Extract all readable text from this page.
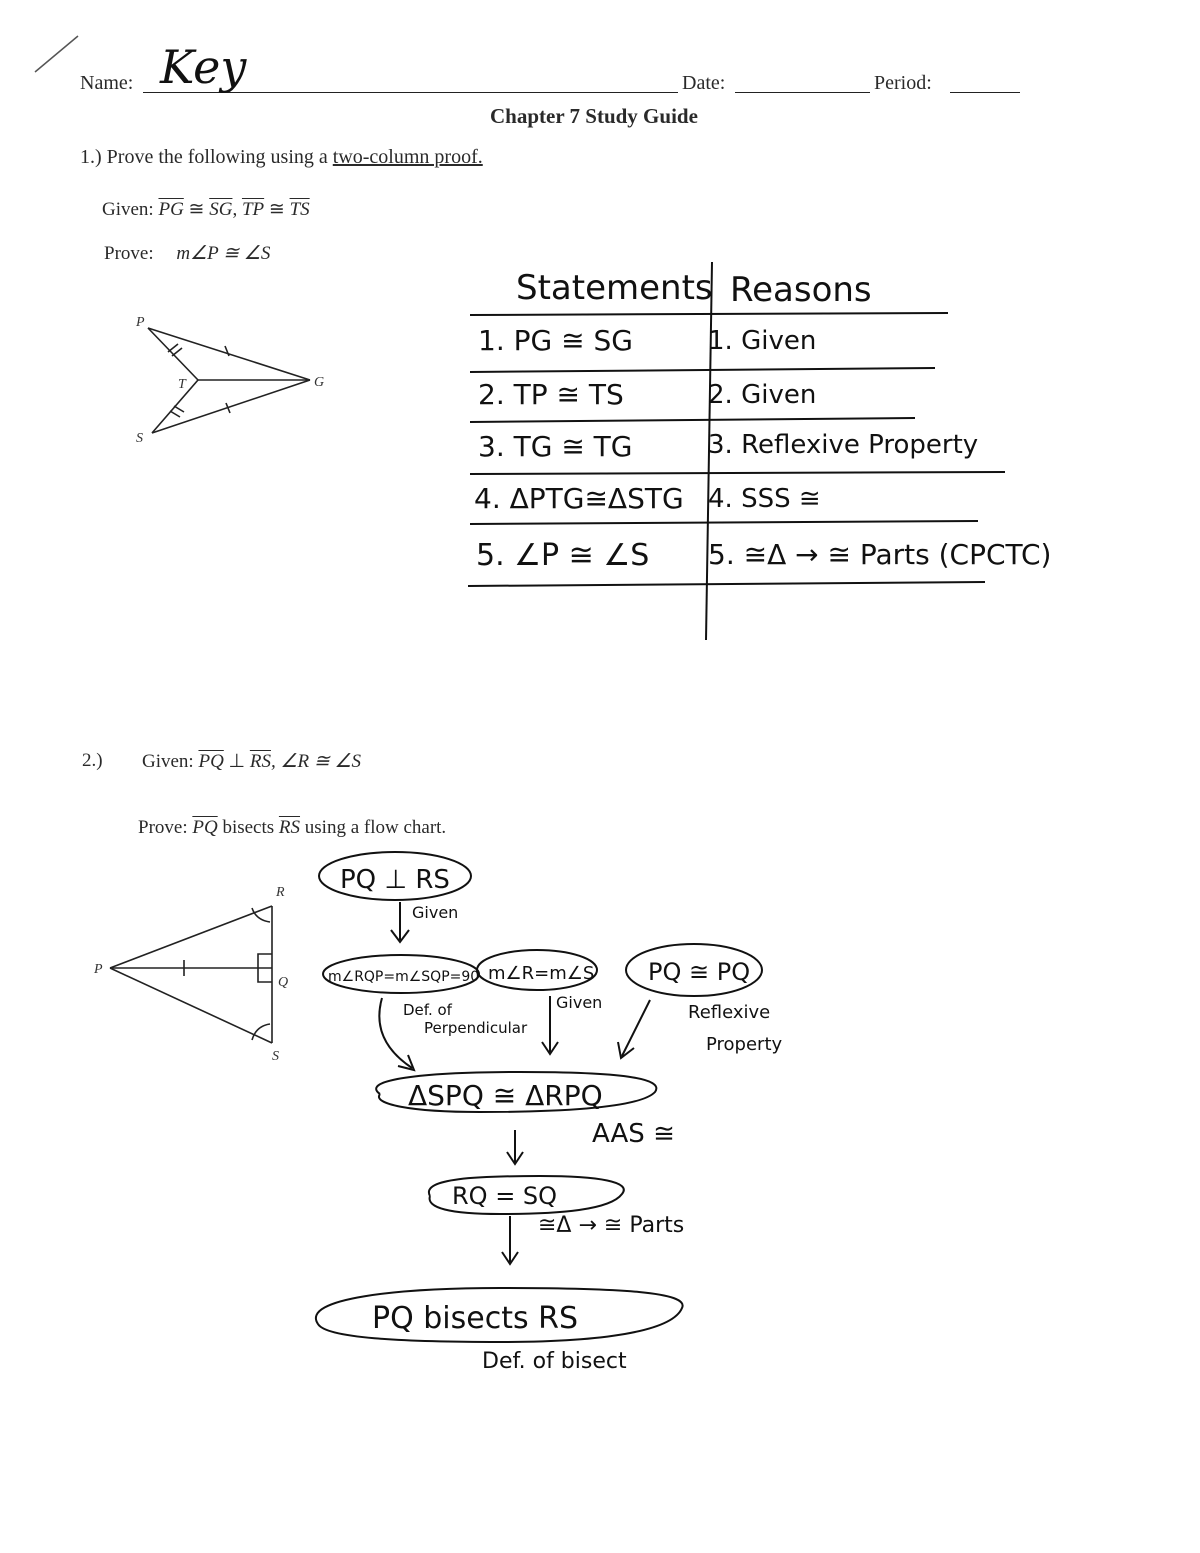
Name: Key	Date:	Period:
Chapter 7 Study Guide
1.) Prove the following using a two-column proof.
Given: $\overline{PG}$ ≅ $\overline{SG}$, $\overline{TP}$ ≅ $\overline{TS}$
Prove: m∠P ≅ ∠S
P
T	G
S
Statements Reasons
1. PG ≅ SG	1. Given
2. TP ≅ TS	2. Given
3. TG ≅ TG	3. Reflexive Property
4. ΔPTG≅ΔSTG 4. SSS ≅
5. ∠P ≅ ∠S 5. ≅Δ → ≅ Parts (CPCTC)
2.) Given: $\overline{PQ}$ ⊥ $\overline{RS}$, ∠R ≅ ∠S
Prove: $\overline{PQ}$ bisects $\overline{RS}$ using a flow chart.
R
P
Q
S
PQ ⊥ RS
Given
m∠RQP=m∠SQP=90
Def. of
Perpendicular
m∠R=m∠S
Given
PQ ≅ PQ
Reflexive
Property
ΔSPQ ≅ ΔRPQ
AAS ≅
RQ = SQ
≅Δ → ≅ Parts
PQ bisects RS
Def. of bisect
